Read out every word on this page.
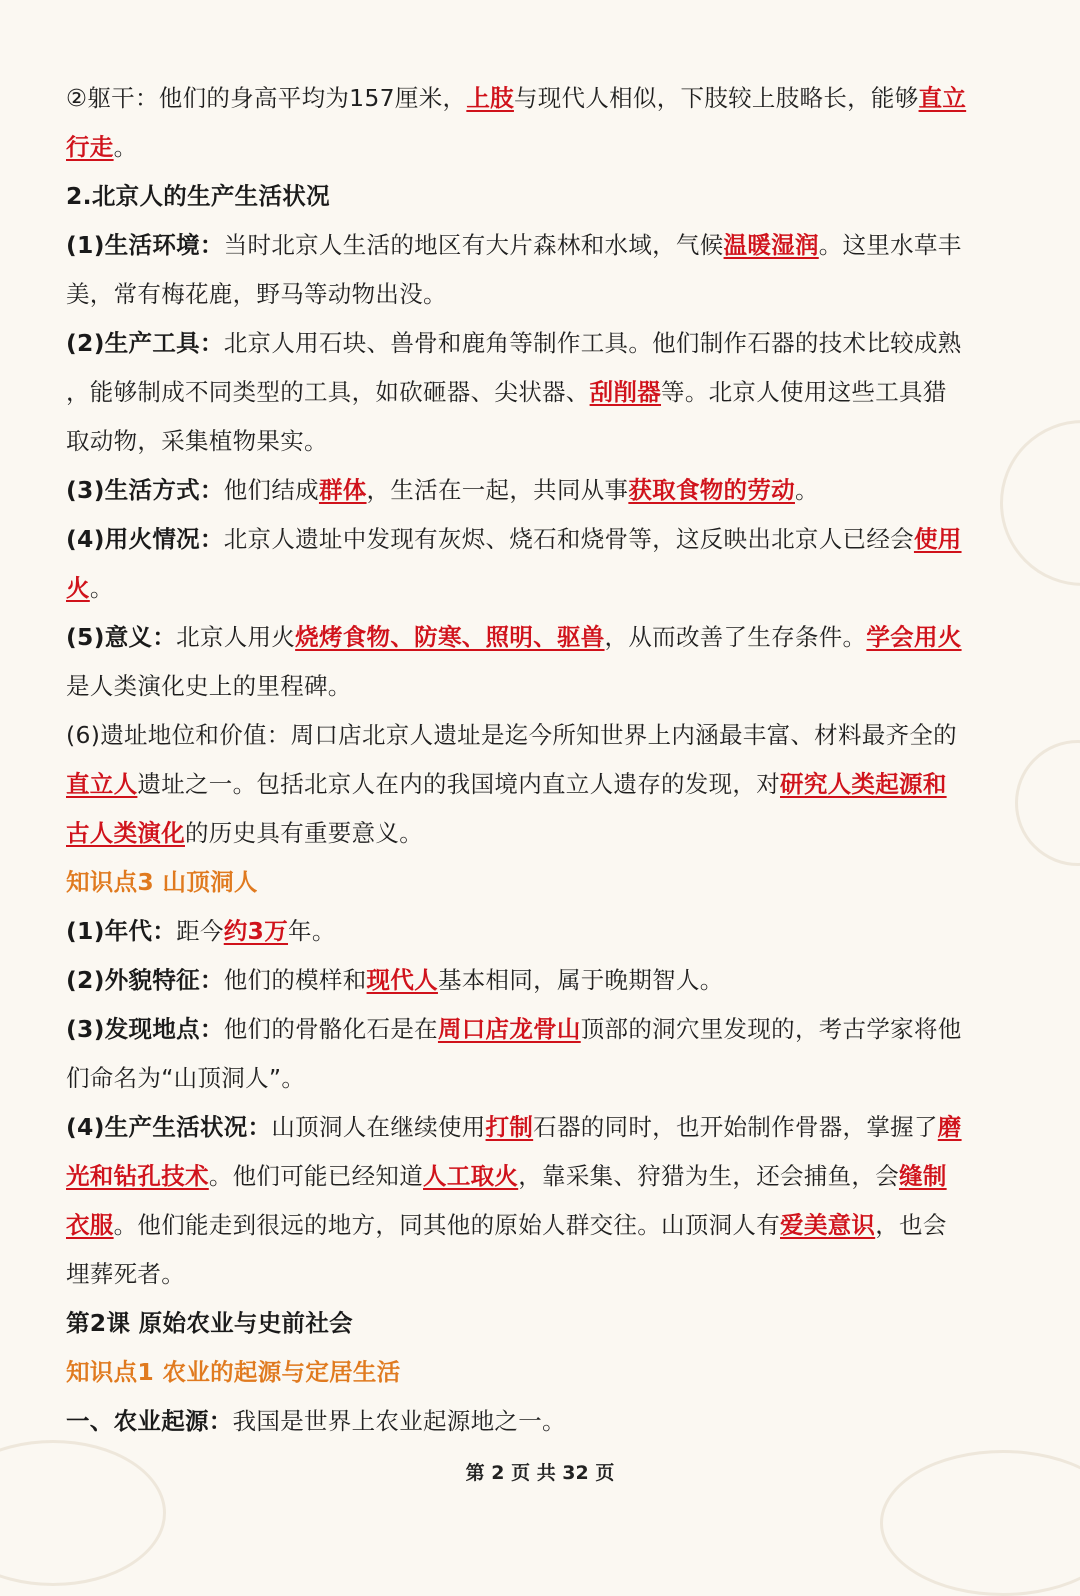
②躯干：他们的身高平均为157厘米，上肢与现代人相似，下肢较上肢略长，能够直立
行走。
2.北京人的生产生活状况
(1)生活环境：当时北京人生活的地区有大片森林和水域，气候温暖湿润。这里水草丰
美，常有梅花鹿，野马等动物出没。
(2)生产工具：北京人用石块、兽骨和鹿角等制作工具。他们制作石器的技术比较成熟
，能够制成不同类型的工具，如砍砸器、尖状器、刮削器等。北京人使用这些工具猎
取动物，采集植物果实。
(3)生活方式：他们结成群体，生活在一起，共同从事获取食物的劳动。
(4)用火情况：北京人遗址中发现有灰烬、烧石和烧骨等，这反映出北京人已经会使用
火。
(5)意义：北京人用火烧烤食物、防寒、照明、驱兽，从而改善了生存条件。学会用火
是人类演化史上的里程碑。
(6)遗址地位和价值：周口店北京人遗址是迄今所知世界上内涵最丰富、材料最齐全的
直立人遗址之一。包括北京人在内的我国境内直立人遗存的发现，对研究人类起源和
古人类演化的历史具有重要意义。
知识点3 山顶洞人
(1)年代：距今约3万年。
(2)外貌特征：他们的模样和现代人基本相同，属于晚期智人。
(3)发现地点：他们的骨骼化石是在周口店龙骨山顶部的洞穴里发现的，考古学家将他
们命名为“山顶洞人”。
(4)生产生活状况：山顶洞人在继续使用打制石器的同时，也开始制作骨器，掌握了磨
光和钻孔技术。他们可能已经知道人工取火，靠采集、狩猎为生，还会捕鱼，会缝制
衣服。他们能走到很远的地方，同其他的原始人群交往。山顶洞人有爱美意识，也会
埋葬死者。
第2课 原始农业与史前社会
知识点1 农业的起源与定居生活
一、农业起源：我国是世界上农业起源地之一。
第 2 页 共 32 页
